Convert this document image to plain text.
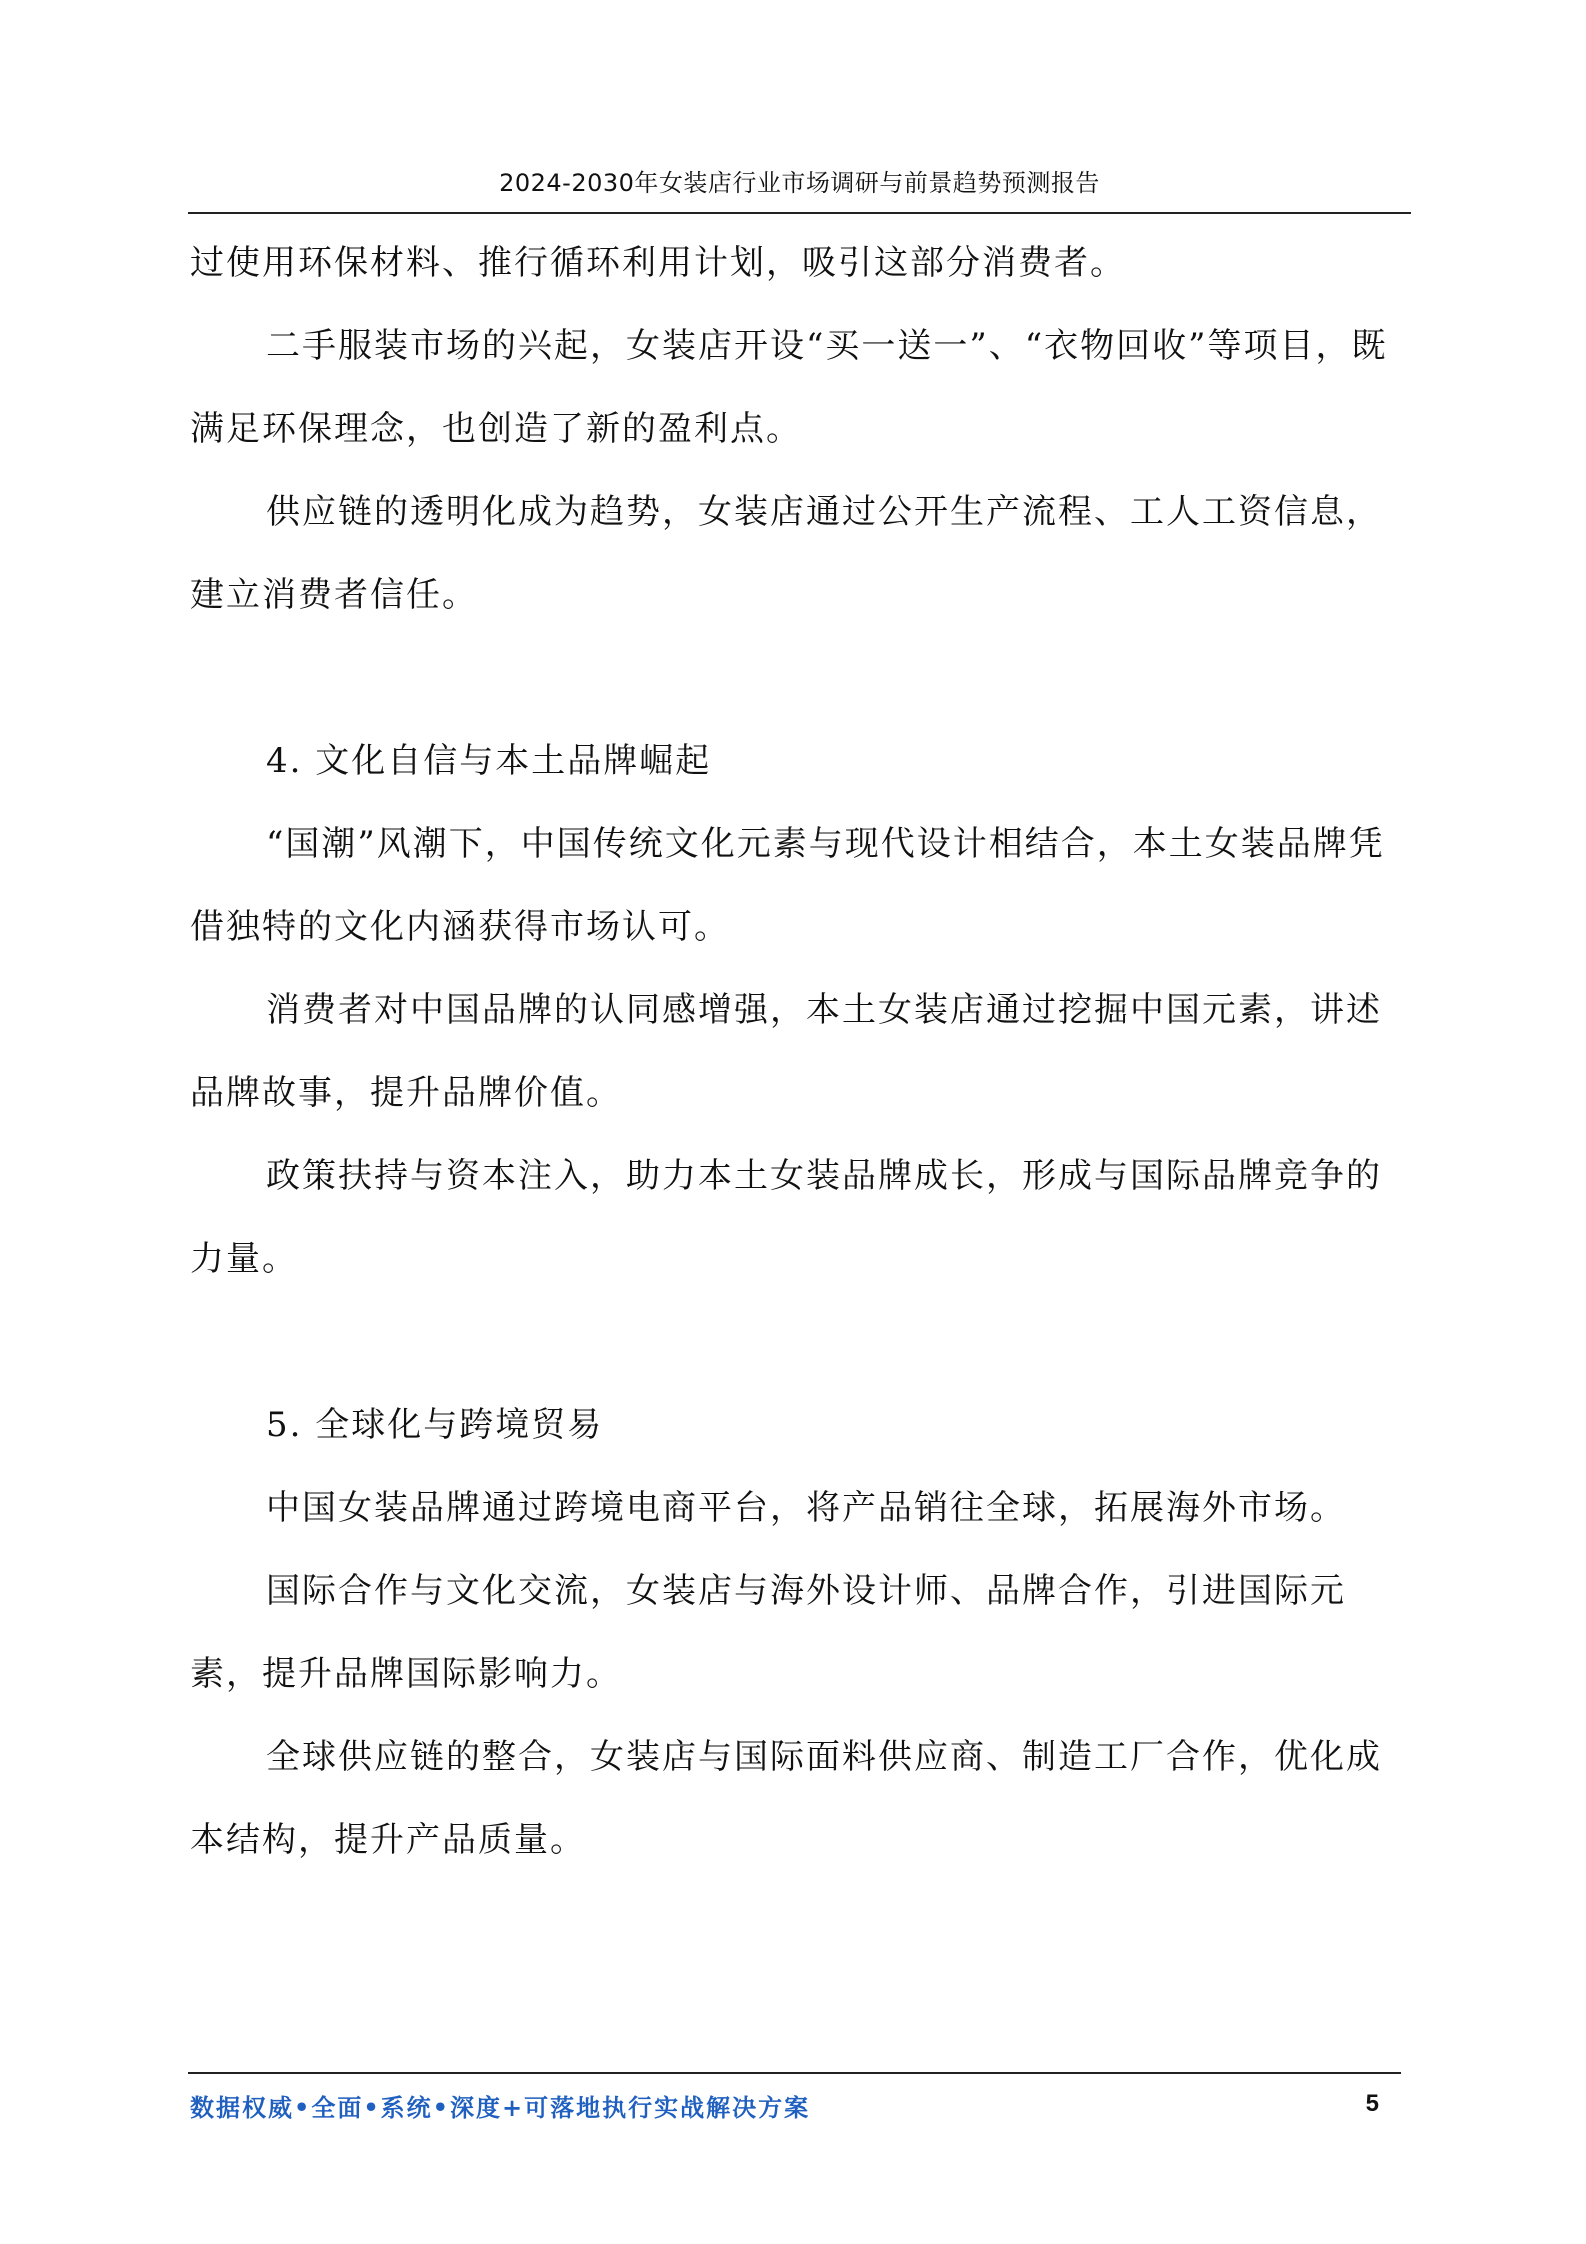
2024-2030年女装店行业市场调研与前景趋势预测报告

过使用环保材料、推行循环利用计划，吸引这部分消费者。

二手服装市场的兴起，女装店开设“买一送一”、“衣物回收”等项目，既满足环保理念，也创造了新的盈利点。

供应链的透明化成为趋势，女装店通过公开生产流程、工人工资信息，建立消费者信任。

4. 文化自信与本土品牌崛起

“国潮”风潮下，中国传统文化元素与现代设计相结合，本土女装品牌凭借独特的文化内涵获得市场认可。

消费者对中国品牌的认同感增强，本土女装店通过挖掘中国元素，讲述品牌故事，提升品牌价值。

政策扶持与资本注入，助力本土女装品牌成长，形成与国际品牌竞争的力量。

5. 全球化与跨境贸易

中国女装品牌通过跨境电商平台，将产品销往全球，拓展海外市场。

国际合作与文化交流，女装店与海外设计师、品牌合作，引进国际元素，提升品牌国际影响力。

全球供应链的整合，女装店与国际面料供应商、制造工厂合作，优化成本结构，提升产品质量。

数据权威•全面•系统•深度+可落地执行实战解决方案	5
